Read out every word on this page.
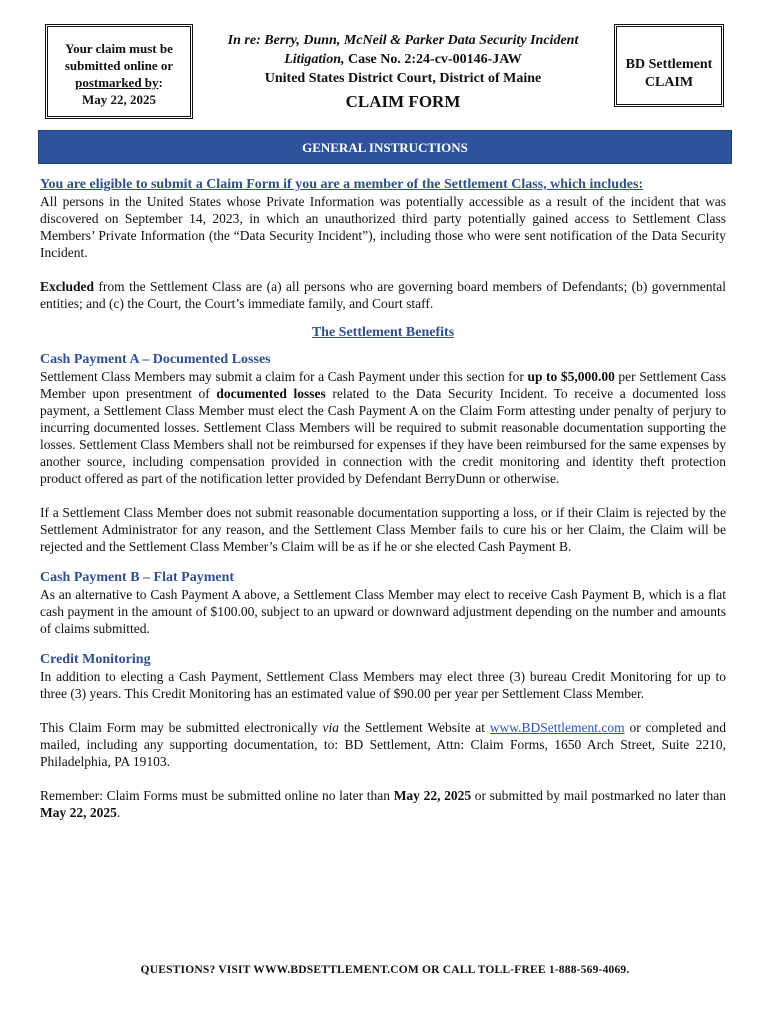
Your claim must be
submitted online or
postmarked by:
May 22, 2025
In re: Berry, Dunn, McNeil & Parker Data Security Incident
Litigation, Case No. 2:24-cv-00146-JAW
United States District Court, District of Maine
CLAIM FORM
BD Settlement
CLAIM
GENERAL INSTRUCTIONS

You are eligible to submit a Claim Form if you are a member of the Settlement Class, which includes:

All persons in the United States whose Private Information was potentially accessible as a result of the incident that was discovered on September 14, 2023, in which an unauthorized third party potentially gained access to Settlement Class Members’ Private Information (the “Data Security Incident”), including those who were sent notification of the Data Security Incident.

Excluded from the Settlement Class are (a) all persons who are governing board members of Defendants; (b) governmental entities; and (c) the Court, the Court’s immediate family, and Court staff.

The Settlement Benefits

Cash Payment A – Documented Losses

Settlement Class Members may submit a claim for a Cash Payment under this section for up to $5,000.00 per Settlement Cass Member upon presentment of documented losses related to the Data Security Incident. To receive a documented loss payment, a Settlement Class Member must elect the Cash Payment A on the Claim Form attesting under penalty of perjury to incurring documented losses. Settlement Class Members will be required to submit reasonable documentation supporting the losses. Settlement Class Members shall not be reimbursed for expenses if they have been reimbursed for the same expenses by another source, including compensation provided in connection with the credit monitoring and identity theft protection product offered as part of the notification letter provided by Defendant BerryDunn or otherwise.

If a Settlement Class Member does not submit reasonable documentation supporting a loss, or if their Claim is rejected by the Settlement Administrator for any reason, and the Settlement Class Member fails to cure his or her Claim, the Claim will be rejected and the Settlement Class Member’s Claim will be as if he or she elected Cash Payment B.

Cash Payment B – Flat Payment

As an alternative to Cash Payment A above, a Settlement Class Member may elect to receive Cash Payment B, which is a flat cash payment in the amount of $100.00, subject to an upward or downward adjustment depending on the number and amounts of claims submitted.

Credit Monitoring

In addition to electing a Cash Payment, Settlement Class Members may elect three (3) bureau Credit Monitoring for up to three (3) years. This Credit Monitoring has an estimated value of $90.00 per year per Settlement Class Member.

This Claim Form may be submitted electronically via the Settlement Website at www.BDSettlement.com or completed and mailed, including any supporting documentation, to: BD Settlement, Attn: Claim Forms, 1650 Arch Street, Suite 2210, Philadelphia, PA 19103.

Remember: Claim Forms must be submitted online no later than May 22, 2025 or submitted by mail postmarked no later than May 22, 2025.

QUESTIONS? VISIT WWW.BDSETTLEMENT.COM OR CALL TOLL-FREE 1-888-569-4069.
